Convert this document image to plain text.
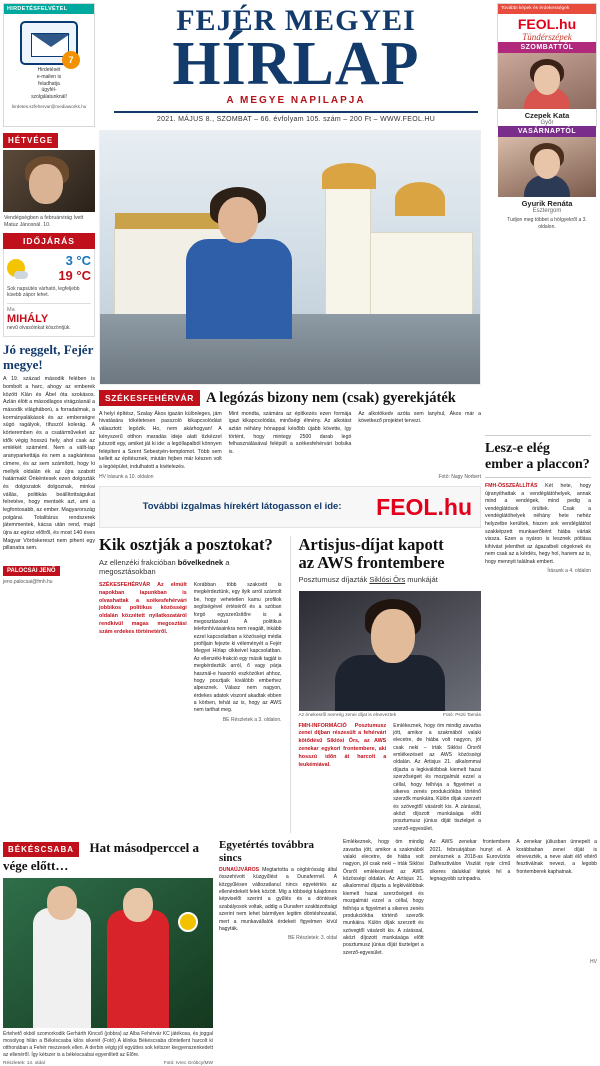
HIRDETÉSFELVÉTEL
7
Hirdetését
e-mailen is
feladhatja
ügyfél-
szolgálatunknál!
hirdetes.szfehervar@mediaworks.hu
FEJÉR MEGYEI
HÍRLAP
A MEGYE NAPILAPJA
2021. MÁJUS 8., SZOMBAT – 66. évfolyam 105. szám – 200 Ft – WWW.FEOL.HU
További képek és érdekességek
FEOL.hu
Tündérszépek
SZOMBATTÓL
Czepek Kata
Győr
VASÁRNAPTÓL
Gyurik Renáta
Esztergom
Tudjon meg többet a hölgyekről a 3. oldalon.
HÉTVÉGE
Vendégségben a februárvirág Ivett Matuz Jánosnál. 10.
IDŐJÁRÁS
3 °C
19 °C
Sok napsütés várható, legfeljebb kisebb zápor lehet.
Ma
MIHÁLY
nevű olvasóinkat köszöntjük.
Jó reggelt, Fejér megye!
A 19. század második felében is bombolt a harc, ahogy az emberek között Klán és Ábel óta szokásos. Azlán élött a másodlagos virágzásnál a második világháború, a forradalmak, a kormányalákások és az emberségre súgó ragályok, tífuszól kolerág. A körteremben és a csatárműveket az idők végig hosszú hely, ahol csak az emlékét száméml. Nem a vállt-lap aranyparkettája és nem a sagkántesa címere, és az sem számított, hogy ki mellyik oldalán ék az újra szabott határmakt Önkéntesek ezen dolgozták és dolgozatok dolgoznak, minkai vállás, politikás beállítottságukat felretéve, hogy mentsék azt, ami a legfontosabb, az ember. Magyarország polgárai. Totalitárus rendszerek játemmentek, kácsa után rend, majd újra az egész előlről, és most 140 éves Magyar Vöröskereszt nem pihent egy pillanatra sem.
PALOCSAI JENŐ
jeno.palocsai@fmh.hu
SZÉKESFEHÉRVÁR A legózás bizony nem (csak) gyerekjáték
A helyi építész, Szalay Ákos igazán különleges, jám hivatására tökéletesen passzoló kikapcsolódást választott: legózik. Ho, nem akárhogyan! A kényszerű otthon maradás ideje alatt tízkézzel jutszott egy, amiket ját ki ide: a lególlapalból könnyen felépíteni a Szent Sebestyén-templomot. Több sem kellett az építésznek, miután fejben már készen volt a legóépület, indulhatott a kivitelezés.
Mint mondta, számára az építkezés ezen formája igazi kikapcsolódás, minőségi élmény. Az alkotást aztán néhány hónappal később újabb követte, így történt, hogy mintegy 2500 darab legó felhasználásával felépült a székesfehérvári bolsika is.
Az alkotókedv azóta sem lanyhul, Ákos már a következő projektet tervezi.
HV lrásunk a 10. oldalon	Fotó: Nagy Norbert
További izgalmas hírekért látogasson el ide:	FEOL.hu
Kik osztják a posztokat?
Az ellenzéki frakcióban bővelkednek a megosztásokban
SZÉKESFEHÉRVÁR Az elmúlt napokban lapunkban is olvashattak a székesfehérvári jobbikos politikus közösségi oldalán közzétett nyilatkozatáról rendkívül magas megosztási szám erdekes történetéről.
Korábban több szakcetit is megkérdeztünk, egy ilyik arról számolt be, hogy vehetetlen kamu profilok segítségével értéséről és a szóban forgó egyszerűsítőre is a megosztásokat A politikus telefonhívásainkra nem reagált, inkább ezzel kapcsolatban a közösségi média profiljain fejezte ki véleményét a Fejér Megyei Hírlap cikkeivel kapcsolatban. Az ellenzéki-frakció egy másik tagját is megkérdeztük arról, ő vagy párja használ-e hasonló eszközöket ahhoz, hogy posztjaik kiválóbb emberhez alpesznek. Válasz nem nagyon, érdekes adatok viszont akadtak ebben a körben, tehát az is, hogy az AWS nem tarthat meg.
BE Részletek a 3. oldalon.
Artisjus-díjat kapott
az AWS frontembere
Posztumusz díjazták Siklósi Örs munkáját
Az énekesről nemrég zenei díjat is elneveztek	Fotó: Pszti Tamás
FMH-INFORMÁCIÓ Posztumusz zenei díjban részesült a fehérvári kötődésű Siklósi Örs, az AWS zenekar egykori frontembere, aki hosszú időn át harcolt a leukémiával.
Emlékeznek, hogy öm mindig zavarba jött, amikor a szakmából valaki elecetre, de hiába volt nagyon, jól csak neki – írták Siklósi Örsről emlékezéseit az AWS közösségi oldalán. Az Artisjus 21. alkalommal díjazta a legkiválóbbak kiemelt hazai szerzőségeit és mozgalmát ezzel a céllal, hogy felhívja a figyelmet a sikeres zenés produkciókba történő szerzők munkáira. Külön díjak szerzett és szövegtől vásárolt kis. A zárással, aközt díjozott munkásága előtt posztumusz június díját tisztelget a szerző-egyesület.
Lesz-e elég ember a placcon?
FMH-ÖSSZEÁLLÍTÁS Két hete, hogy újranyithattak a vendéglátóhelyek, annak mind a vendégek, mind pedig a vendéglátósok örültek. Csak a vendéglátóhelyek néhány hete nehéz helyzetbe kerültek, hiszen sok vendéglátóst szakképzett munkaerőként hiába vártak vissza. Ezen a nyáron is lesznek pótlása kihívást jelenthet az ágazatbeli cégeknek és nem csak az a kérdés, hegy hol, hanem az is, hogy mennyit találnak embert.
Írásunk a 4. oldalon
BÉKÉSCSABA Hat másodperccel a vége előtt…
Értehető okból szomorkodik Gerhárth Kincső (jobbra) az Alba Fehérvár KC játékosa, és joggal mosolyog hilán a Békéscsaba kilós sikerét (Fotó) A klinika Békéscsaba döntetlent harcolt ki otthonában a Fehér mezzesek ellen. A derbin végig jól együttes sok kétszer kiegyenszenkedett az ellenéről. Így kétszer is a békéscsabai egyenlített az Előre.
Részletek: 14. oldal	Fotó: Ivrec Gróbcy/MW
Egyetértés továbbra sincs
DUNAÚJVÁROS Megtartotta a cégbírósság által összehívott küzgyűlést a Dunaferrnél. A közgyűlésen változatlanul nincs egyetértés az ellenérdekelt felek között. Mig a többségi tulajdonos képviselői szerint a gyűlés és a döntések szabályosok voltak, addig a Dunaferr szakbizottsági szerint nem lehet bármilyen legitim döntéshozatal, mert a munkavállalók érdekeit figyelmen kívül hagyták.
BE Részletek: 3. oldal
Emlékeznek, hogy öm mindig zavarba jött, amikor a szakmából valaki elecetre, de hiába volt nagyon, jól csak neki – írták Siklósi Örsről emlékezéseit az AWS közösségi oldalán. Az Artisjus 21. alkalommal díjazta a legkiválóbbak kiemelt hazai szerzőségeit és mozgalmát ezzel a céllal, hogy felhívja a figyelmet a sikeres zenés produkciókba történő szerzők munkáira. Külön díjak szerzett és szövegtől vásárolt kis. A zárással, aközt díjozott munkásága előtt posztumusz június díját tisztelget a szerző-egyesület.
Az AWS zenekar frontembere 2021. februárjában hunyt el. A zenésznek a 2018-as Eurovíziós Dalfesztiválon Viszlát nyár című sikeres dalukkal léptek fel a legnagyobb színpadra.
A zenekar júliusban ünnepelt a korábbahan zenei díját is elnevezték, a neve alatt élő eltérő fesztiválnak nevezi, a legobb frontemberek kaphatnak.
HV
